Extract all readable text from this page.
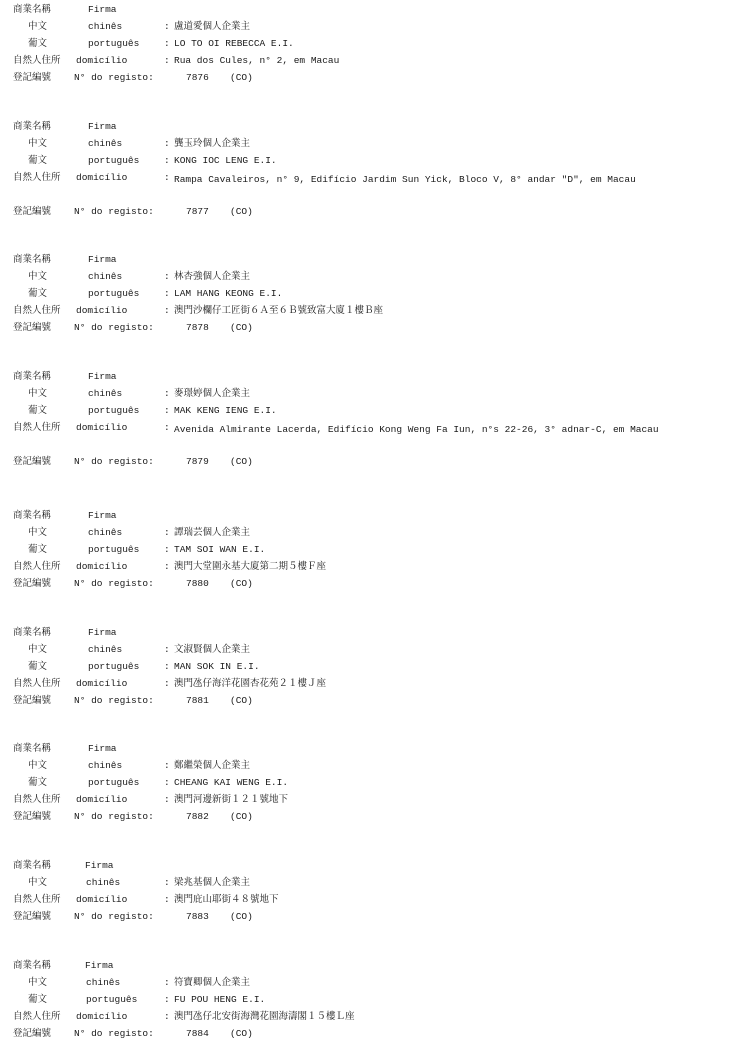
商業名稱	Firma
中文	chinês	: 盧道愛個人企業主
葡文	português	: LO TO OI REBECCA E.I.
自然人住所 domicílio	: Rua dos Cules, n° 2, em Macau
登記編號 N° do registo:	7876 (CO)
商業名稱	Firma
中文	chinês	: 龔玉玲個人企業主
葡文	português	: KONG IOC LENG E.I.
自然人住所 domicílio	: Rampa Cavaleiros, n° 9, Edifício Jardim Sun Yick, Bloco V, 8° andar "D", em Macau
登記編號 N° do registo:	7877 (CO)
商業名稱	Firma
中文	chinês	: 林杏強個人企業主
葡文	português	: LAM HANG KEONG E.I.
自然人住所 domicílio	: 澳門沙欄仔工匠街６Ａ至６Ｂ號致富大廈１樓Ｂ座
登記編號 N° do registo:	7878 (CO)
商業名稱	Firma
中文	chinês	: 麥璟婷個人企業主
葡文	português	: MAK KENG IENG E.I.
自然人住所 domicílio	: Avenida Almirante Lacerda, Edifício Kong Weng Fa Iun, n°s 22-26, 3° adnar-C, em Macau
登記編號 N° do registo:	7879 (CO)
商業名稱	Firma
中文	chinês	: 譚瑞芸個人企業主
葡文	português	: TAM SOI WAN E.I.
自然人住所 domicílio	: 澳門大堂圍永基大廈第二期５樓Ｆ座
登記編號 N° do registo:	7880 (CO)
商業名稱	Firma
中文	chinês	: 文淑賢個人企業主
葡文	português	: MAN SOK IN E.I.
自然人住所 domicílio	: 澳門氹仔海洋花園杏花苑２１樓Ｊ座
登記編號 N° do registo:	7881 (CO)
商業名稱	Firma
中文	chinês	: 鄭繼榮個人企業主
葡文	português	: CHEANG KAI WENG E.I.
自然人住所 domicílio	: 澳門河邊新街１２１號地下
登記編號 N° do registo:	7882 (CO)
商業名稱	Firma
中文	chinês	: 梁兆基個人企業主
自然人住所 domicílio	: 澳門庇山耶街４８號地下
登記編號 N° do registo:	7883 (CO)
商業名稱	Firma
中文	chinês	: 符寶卿個人企業主
葡文	português	: FU POU HENG E.I.
自然人住所 domicílio	: 澳門氹仔北安街海灣花園海濤閣１５樓Ｌ座
登記編號 N° do registo:	7884 (CO)
